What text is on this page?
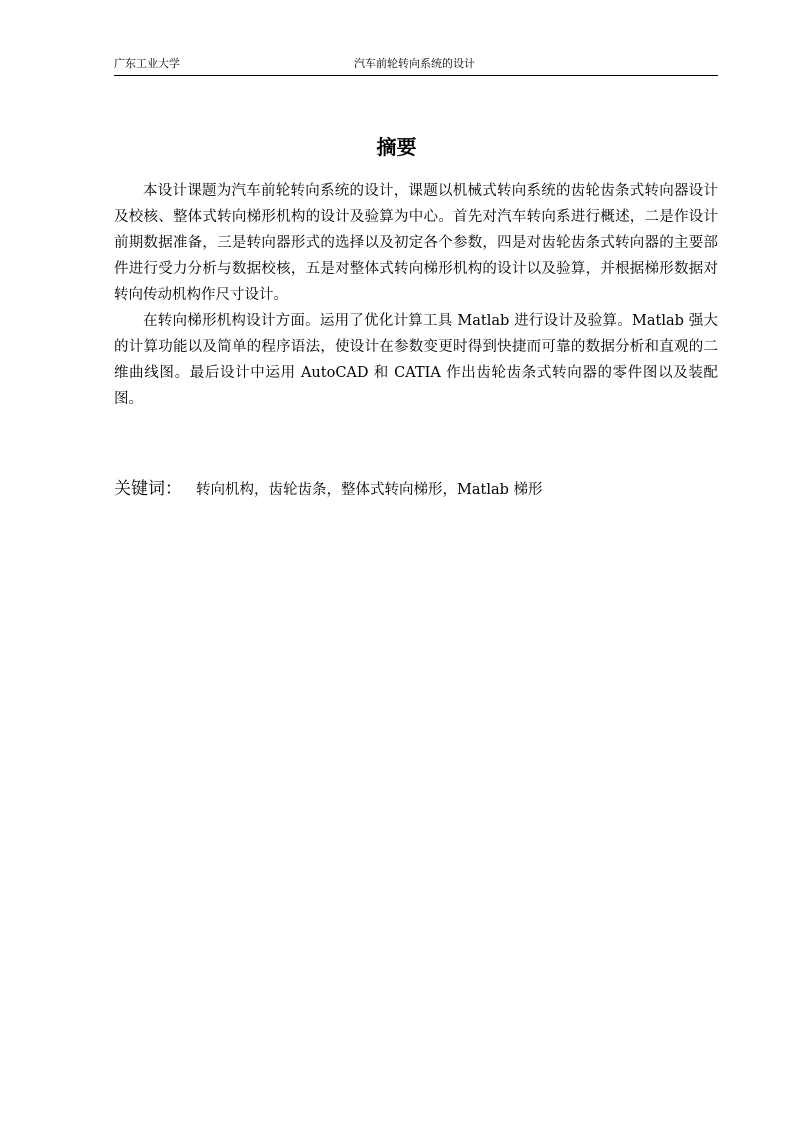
广东工业大学	汽车前轮转向系统的设计
摘要

本设计课题为汽车前轮转向系统的设计，课题以机械式转向系统的齿轮齿条式转向器设计及校核、整体式转向梯形机构的设计及验算为中心。首先对汽车转向系进行概述，二是作设计前期数据准备，三是转向器形式的选择以及初定各个参数，四是对齿轮齿条式转向器的主要部件进行受力分析与数据校核，五是对整体式转向梯形机构的设计以及验算，并根据梯形数据对转向传动机构作尺寸设计。

在转向梯形机构设计方面。运用了优化计算工具 Matlab 进行设计及验算。Matlab 强大的计算功能以及简单的程序语法，使设计在参数变更时得到快捷而可靠的数据分析和直观的二维曲线图。最后设计中运用 AutoCAD 和 CATIA 作出齿轮齿条式转向器的零件图以及装配图。

关键词： 转向机构，齿轮齿条，整体式转向梯形，Matlab 梯形
